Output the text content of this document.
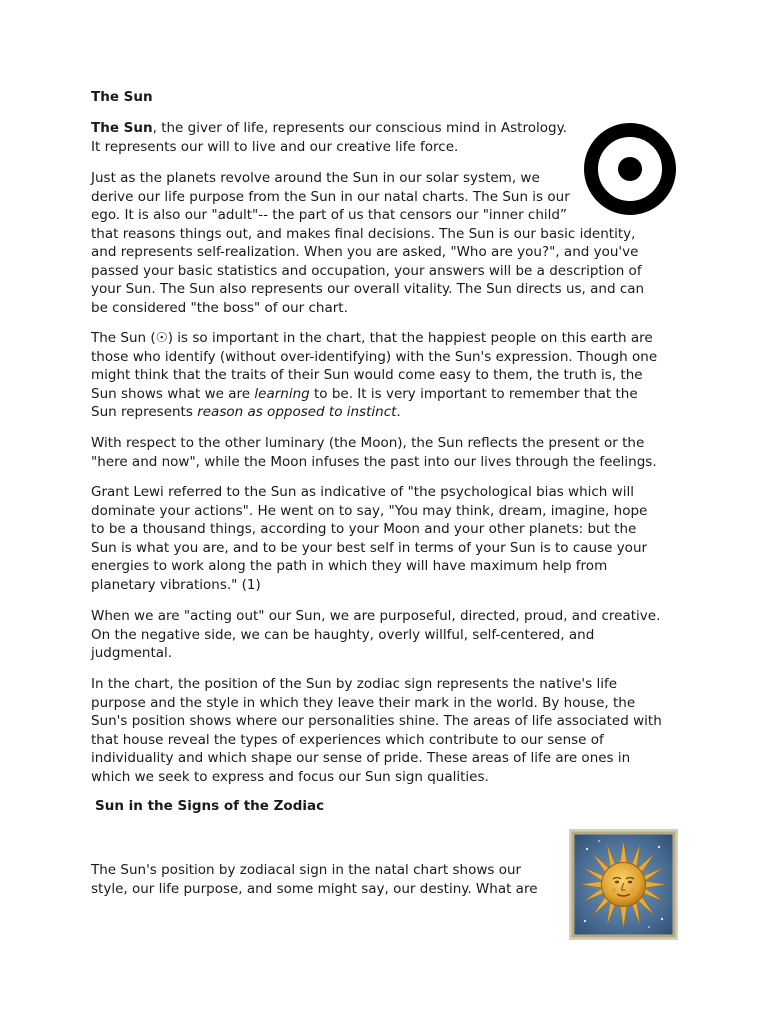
The Sun

The Sun, the giver of life, represents our conscious mind in Astrology.
It represents our will to live and our creative life force.

Just as the planets revolve around the Sun in our solar system, we
derive our life purpose from the Sun in our natal charts. The Sun is our
ego. It is also our "adult"-- the part of us that censors our "inner child”
that reasons things out, and makes final decisions. The Sun is our basic identity,
and represents self-realization. When you are asked, "Who are you?", and you've
passed your basic statistics and occupation, your answers will be a description of
your Sun. The Sun also represents our overall vitality. The Sun directs us, and can
be considered "the boss" of our chart.

The Sun (☉) is so important in the chart, that the happiest people on this earth are
those who identify (without over-identifying) with the Sun's expression. Though one
might think that the traits of their Sun would come easy to them, the truth is, the
Sun shows what we are learning to be. It is very important to remember that the
Sun represents reason as opposed to instinct.

With respect to the other luminary (the Moon), the Sun reflects the present or the
"here and now", while the Moon infuses the past into our lives through the feelings.

Grant Lewi referred to the Sun as indicative of "the psychological bias which will
dominate your actions". He went on to say, "You may think, dream, imagine, hope
to be a thousand things, according to your Moon and your other planets: but the
Sun is what you are, and to be your best self in terms of your Sun is to cause your
energies to work along the path in which they will have maximum help from
planetary vibrations." (1)

When we are "acting out" our Sun, we are purposeful, directed, proud, and creative.
On the negative side, we can be haughty, overly willful, self-centered, and
judgmental.

In the chart, the position of the Sun by zodiac sign represents the native's life
purpose and the style in which they leave their mark in the world. By house, the
Sun's position shows where our personalities shine. The areas of life associated with
that house reveal the types of experiences which contribute to our sense of
individuality and which shape our sense of pride. These areas of life are ones in
which we seek to express and focus our Sun sign qualities.

Sun in the Signs of the Zodiac

The Sun's position by zodiacal sign in the natal chart shows our
style, our life purpose, and some might say, our destiny. What are
